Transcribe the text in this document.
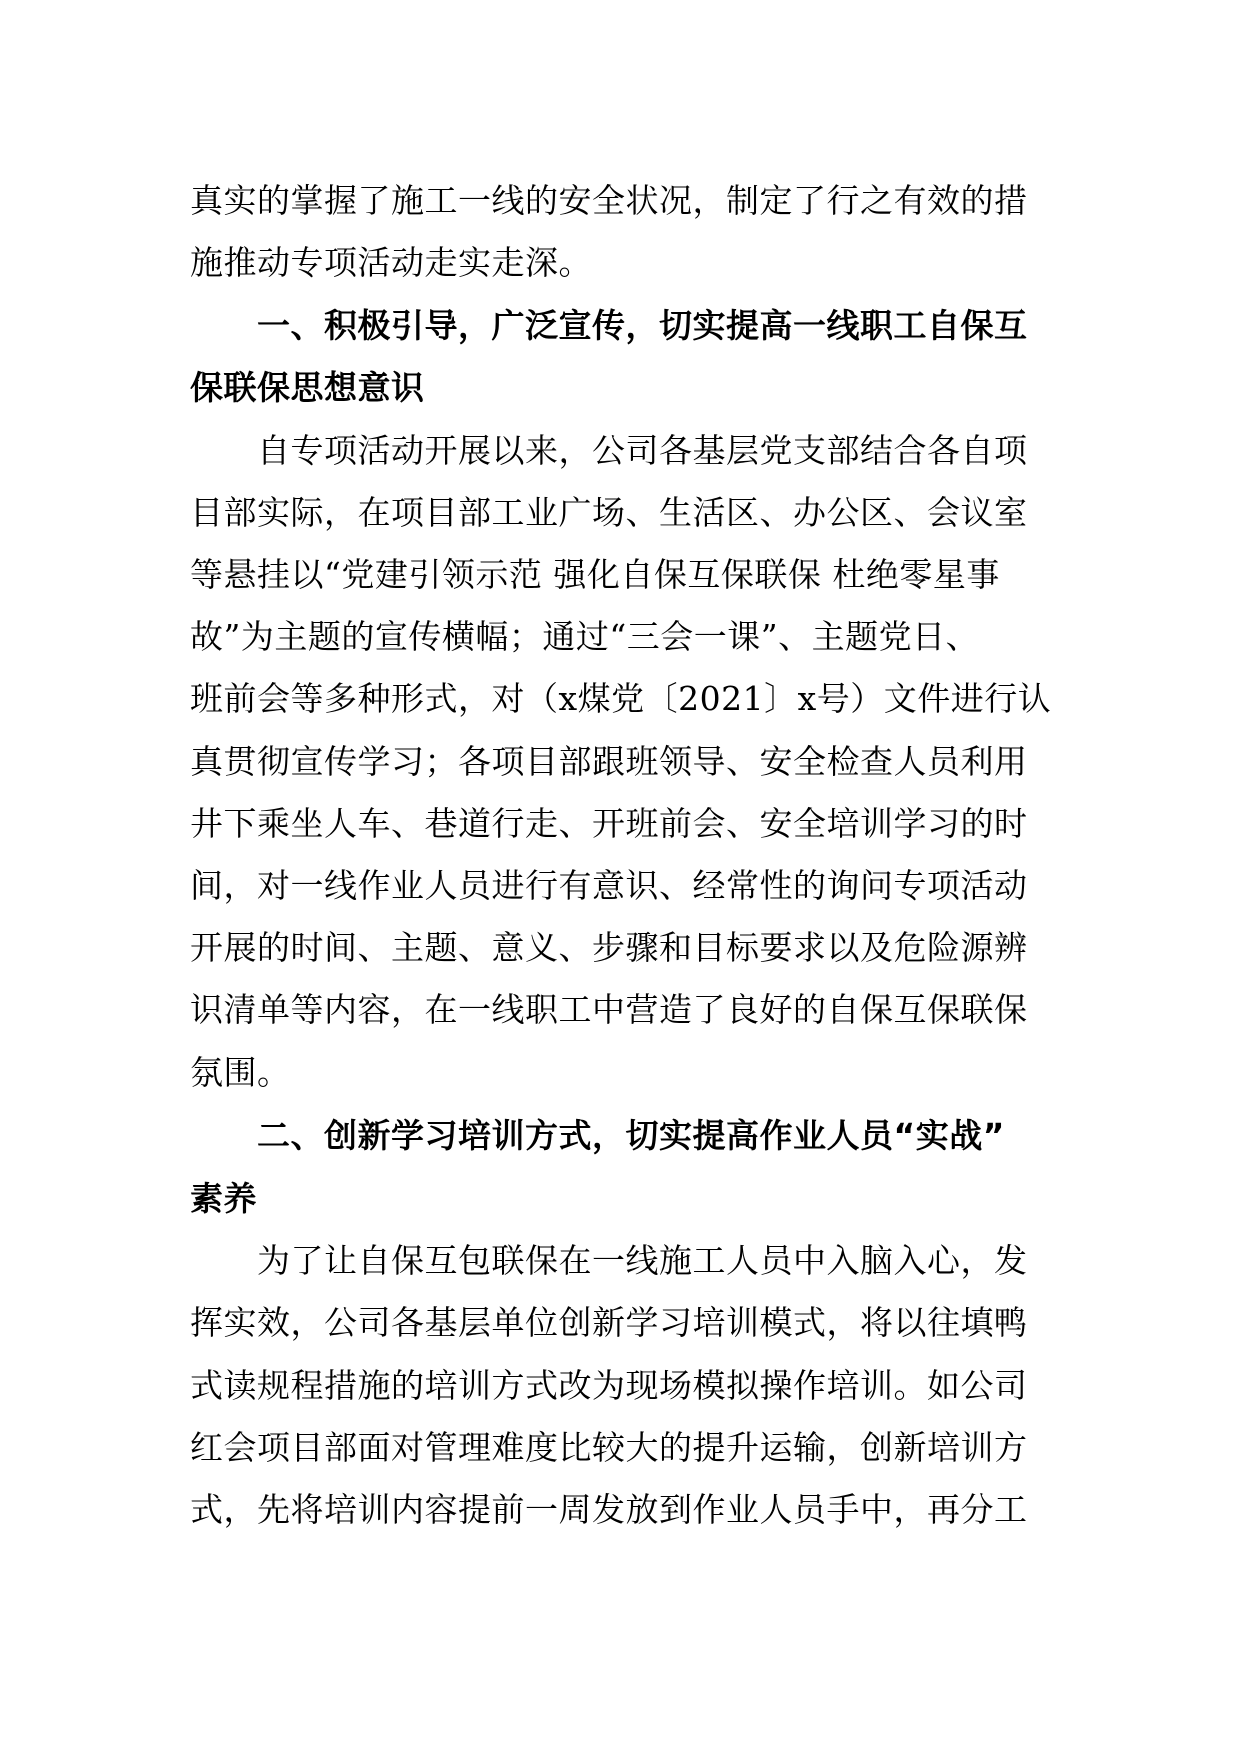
真实的掌握了施工一线的安全状况，制定了行之有效的措
施推动专项活动走实走深。
一、积极引导，广泛宣传，切实提高一线职工自保互
保联保思想意识
自专项活动开展以来，公司各基层党支部结合各自项
目部实际，在项目部工业广场、生活区、办公区、会议室
等悬挂以“党建引领示范 强化自保互保联保 杜绝零星事
故”为主题的宣传横幅；通过“三会一课”、主题党日、
班前会等多种形式，对（x煤党〔2021〕x号）文件进行认
真贯彻宣传学习；各项目部跟班领导、安全检查人员利用
井下乘坐人车、巷道行走、开班前会、安全培训学习的时
间，对一线作业人员进行有意识、经常性的询问专项活动
开展的时间、主题、意义、步骤和目标要求以及危险源辨
识清单等内容，在一线职工中营造了良好的自保互保联保
氛围。
二、创新学习培训方式，切实提高作业人员“实战”
素养
为了让自保互包联保在一线施工人员中入脑入心，发
挥实效，公司各基层单位创新学习培训模式，将以往填鸭
式读规程措施的培训方式改为现场模拟操作培训。如公司
红会项目部面对管理难度比较大的提升运输，创新培训方
式，先将培训内容提前一周发放到作业人员手中，再分工
